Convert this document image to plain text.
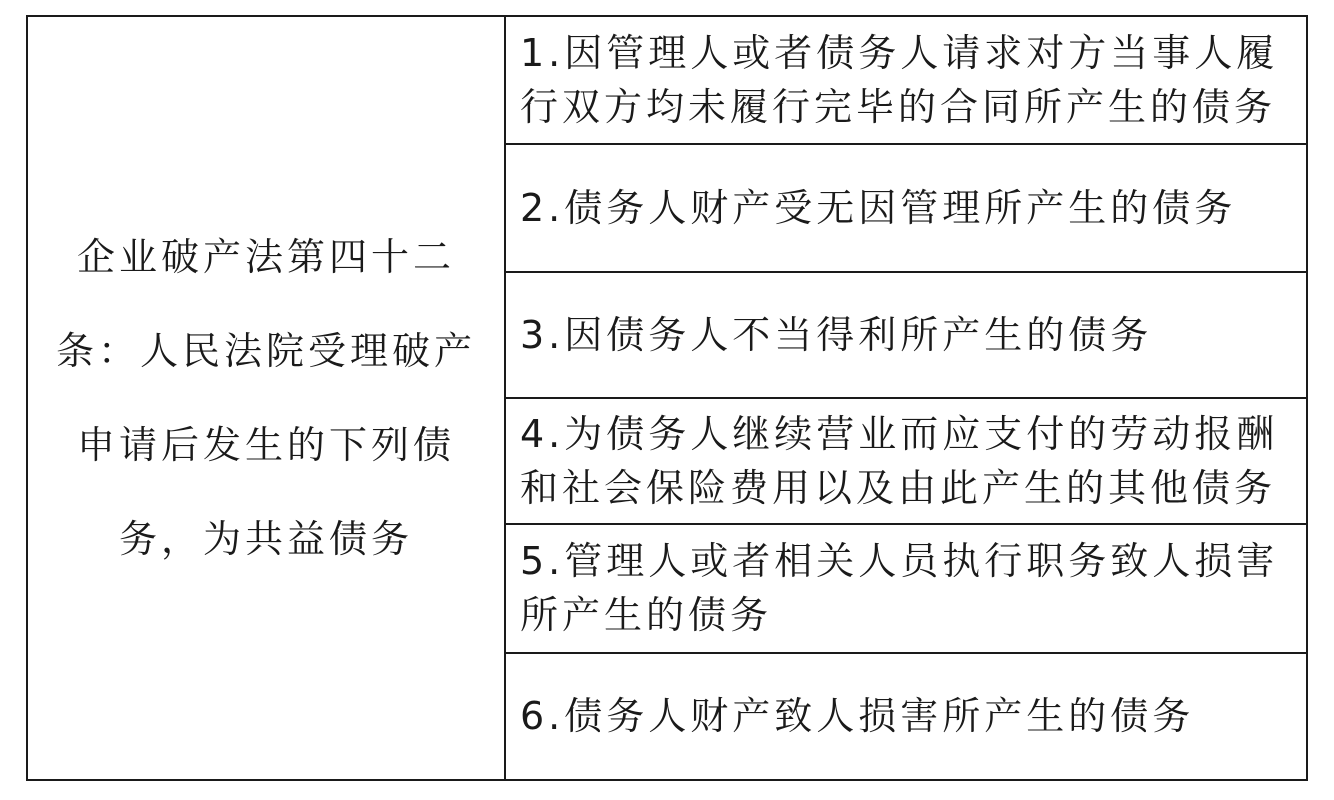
企业破产法第四十二条：人民法院受理破产申请后发生的下列债务，为共益债务	
1.因管理人或者债务人请求对方当事人履行双方均未履行完毕的合同所产生的债务

2.债务人财产受无因管理所产生的债务

3.因债务人不当得利所产生的债务

4.为债务人继续营业而应支付的劳动报酬和社会保险费用以及由此产生的其他债务

5.管理人或者相关人员执行职务致人损害所产生的债务

6.债务人财产致人损害所产生的债务
